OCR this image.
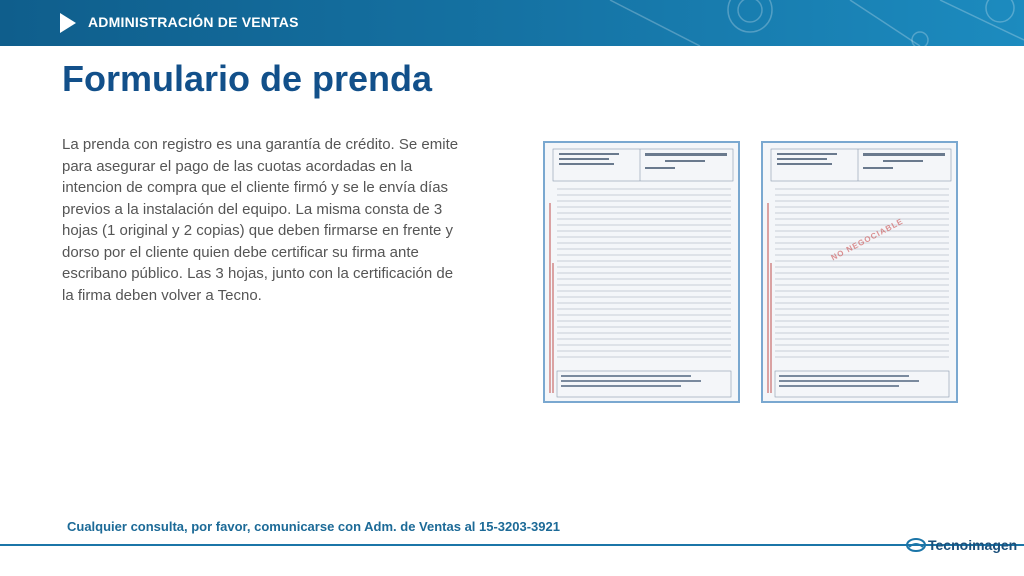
ADMINISTRACIÓN DE VENTAS
Formulario de prenda

La prenda con registro es una garantía de crédito. Se emite para asegurar el pago de las cuotas acordadas en la intencion de compra que el cliente firmó y se le envía días previos a la instalación del equipo. La misma consta de 3 hojas (1 original y 2 copias) que deben firmarse en frente y dorso por el cliente quien debe certificar su firma ante escribano público. Las 3 hojas, junto con la certificación de la firma deben volver a Tecno.

NO NEGOCIABLE

Cualquier consulta, por favor, comunicarse con Adm. de Ventas al 15-3203-3921

Tecnoimagen
